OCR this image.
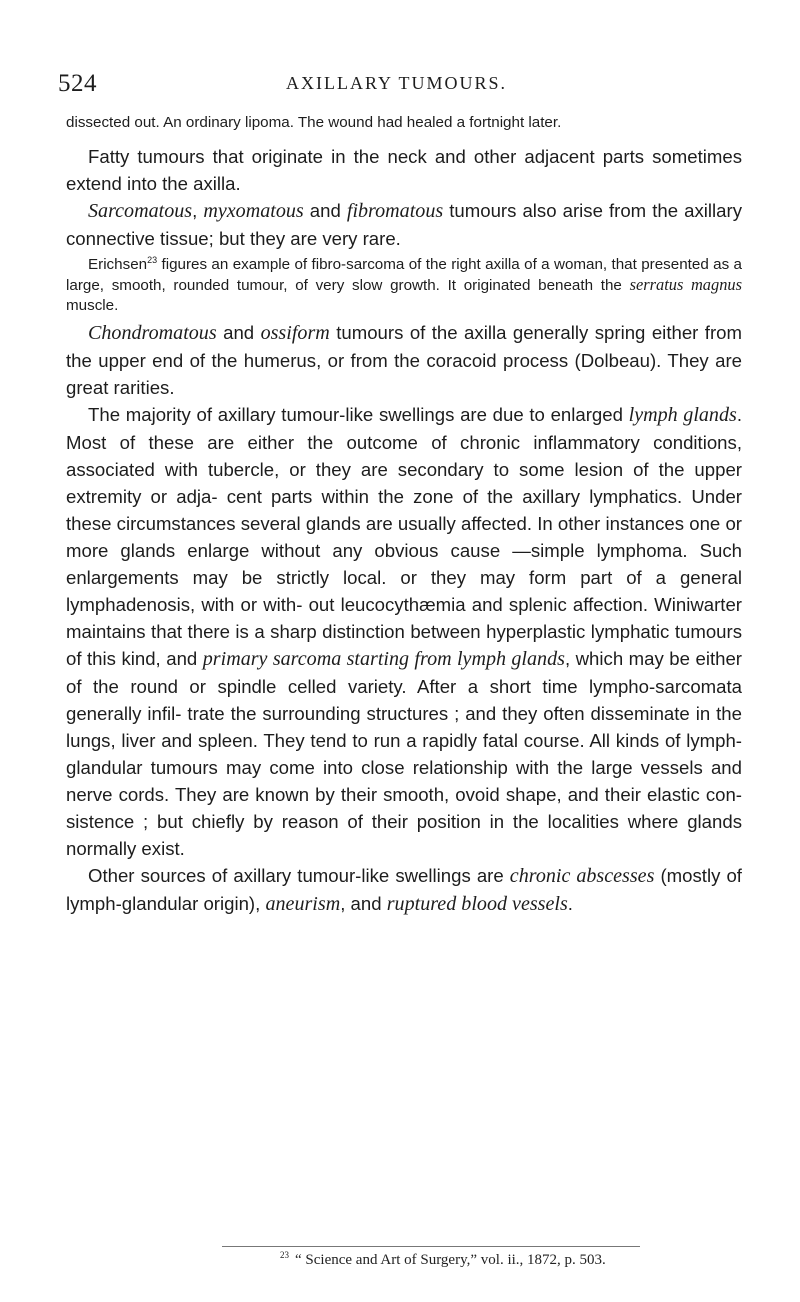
524	AXILLARY TUMOURS.

dissected out. An ordinary lipoma. The wound had healed a fortnight later.

Fatty tumours that originate in the neck and other adjacent parts sometimes extend into the axilla.

Sarcomatous, myxomatous and fibromatous tumours also arise from the axillary connective tissue; but they are very rare.

Erichsen$^{23}$ figures an example of fibro-sarcoma of the right axilla of a woman, that presented as a large, smooth, rounded tumour, of very slow growth. It originated beneath the serratus magnus muscle.

Chondromatous and ossiform tumours of the axilla generally spring either from the upper end of the humerus, or from the coracoid process (Dolbeau). They are great rarities.

The majority of axillary tumour-like swellings are due to enlarged lymph glands. Most of these are either the outcome of chronic inflammatory conditions, associated with tubercle, or they are secondary to some lesion of the upper extremity or adja- cent parts within the zone of the axillary lymphatics. Under these circumstances several glands are usually affected. In other instances one or more glands enlarge without any obvious cause —simple lymphoma. Such enlargements may be strictly local. or they may form part of a general lymphadenosis, with or with- out leucocythæmia and splenic affection. Winiwarter maintains that there is a sharp distinction between hyperplastic lymphatic tumours of this kind, and primary sarcoma starting from lymph glands, which may be either of the round or spindle celled variety. After a short time lympho-sarcomata generally infil- trate the surrounding structures ; and they often disseminate in the lungs, liver and spleen. They tend to run a rapidly fatal course. All kinds of lymph-glandular tumours may come into close relationship with the large vessels and nerve cords. They are known by their smooth, ovoid shape, and their elastic con- sistence ; but chiefly by reason of their position in the localities where glands normally exist.

Other sources of axillary tumour-like swellings are chronic abscesses (mostly of lymph-glandular origin), aneurism, and ruptured blood vessels.

$^{23}$ “ Science and Art of Surgery,” vol. ii., 1872, p. 503.
